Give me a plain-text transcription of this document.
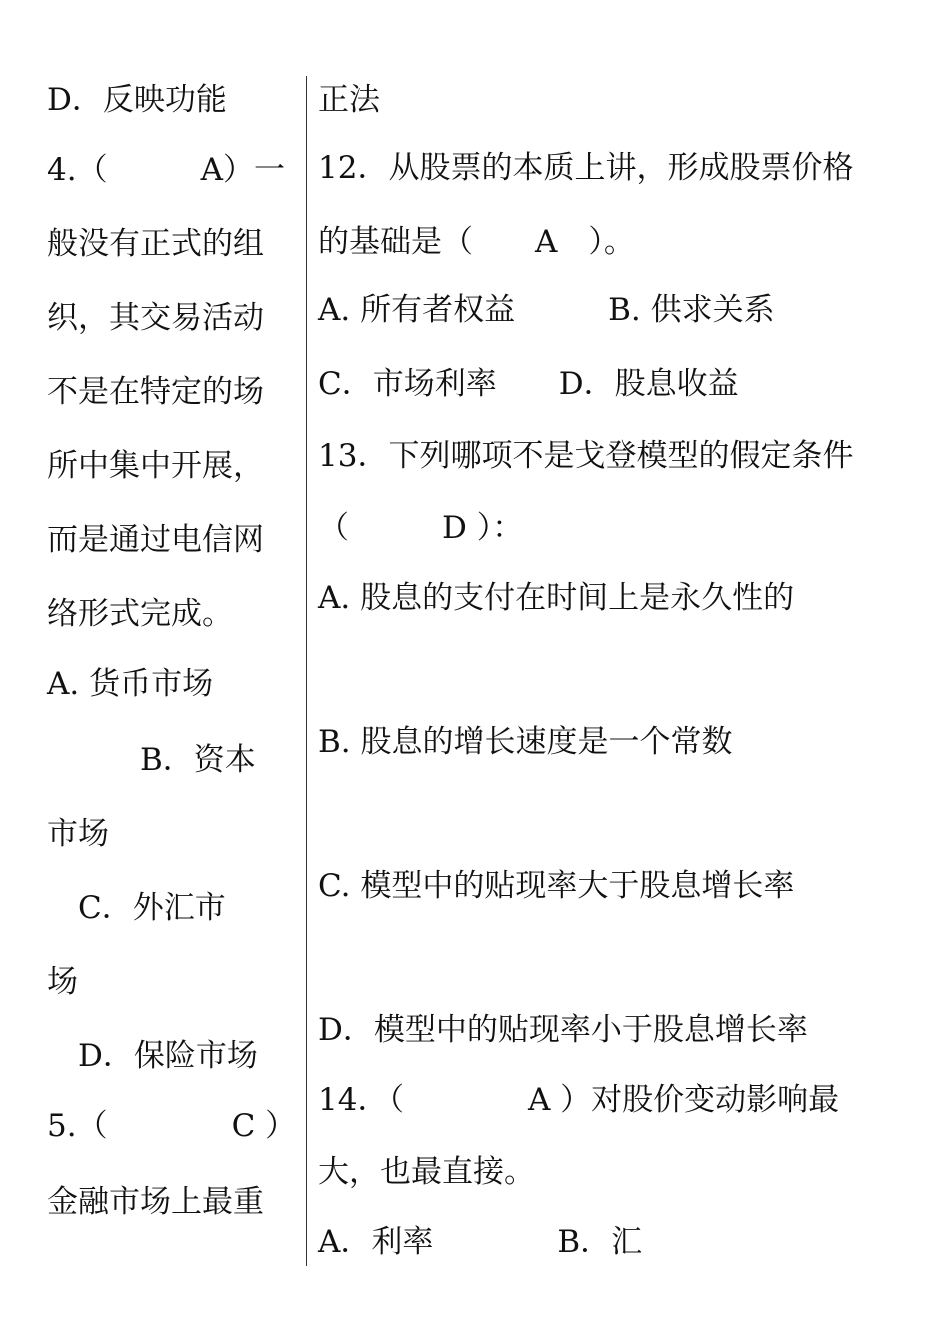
D．反映功能
4.（　　　A）一
般没有正式的组
织，其交易活动
不是在特定的场
所中集中开展，
而是通过电信网
络形式完成。
A. 货币市场
　　　B．资本
市场
　C．外汇市
场
　D．保险市场
5.（　　　　C ）
金融市场上最重
正法
12．从股票的本质上讲，形成股票价格
的基础是（　　A　）。
A. 所有者权益　　　B. 供求关系
C．市场利率　　D．股息收益
13．下列哪项不是戈登模型的假定条件
（　　　D ）：
A. 股息的支付在时间上是永久性的
B. 股息的增长速度是一个常数
C. 模型中的贴现率大于股息增长率
D．模型中的贴现率小于股息增长率
14．（　　　　A ）对股价变动影响最
大，也最直接。
A．利率　　　　B．汇
